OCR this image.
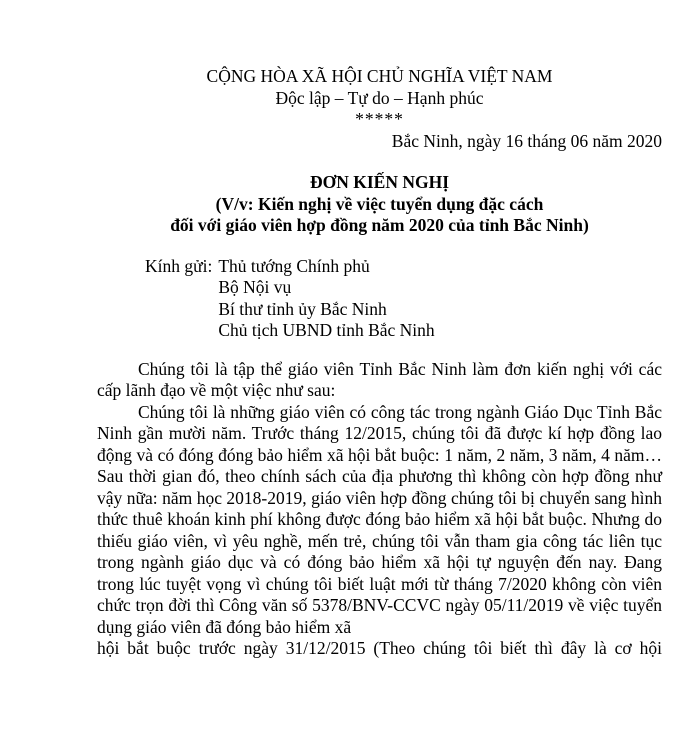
CỘNG HÒA XÃ HỘI CHỦ NGHĨA VIỆT NAM
Độc lập – Tự do – Hạnh phúc
*****
Bắc Ninh, ngày 16 tháng 06 năm 2020
ĐƠN KIẾN NGHỊ
(V/v: Kiến nghị về việc tuyển dụng đặc cách
đối với giáo viên hợp đồng năm 2020 của tỉnh Bắc Ninh)
Kính gửi: Thủ tướng Chính phủ
Bộ Nội vụ
Bí thư tỉnh ủy Bắc Ninh
Chủ tịch UBND tỉnh Bắc Ninh

Chúng tôi là tập thể giáo viên Tỉnh Bắc Ninh làm đơn kiến nghị với các cấp lãnh đạo về một việc như sau:

Chúng tôi là những giáo viên có công tác trong ngành Giáo Dục Tỉnh Bắc Ninh gần mười năm. Trước tháng 12/2015, chúng tôi đã được kí hợp đồng lao động và có đóng đóng bảo hiểm xã hội bắt buộc: 1 năm, 2 năm, 3 năm, 4 năm… Sau thời gian đó, theo chính sách của địa phương thì không còn hợp đồng như vậy nữa: năm học 2018-2019, giáo viên hợp đồng chúng tôi bị chuyển sang hình thức thuê khoán kinh phí không được đóng bảo hiểm xã hội bắt buộc. Nhưng do thiếu giáo viên, vì yêu nghề, mến trẻ, chúng tôi vẫn tham gia công tác liên tục trong ngành giáo dục và có đóng bảo hiểm xã hội tự nguyện đến nay. Đang trong lúc tuyệt vọng vì chúng tôi biết luật mới từ tháng 7/2020 không còn viên chức trọn đời thì Công văn số 5378/BNV-CCVC ngày 05/11/2019 về việc tuyển dụng giáo viên đã đóng bảo hiểm xã

hội bắt buộc trước ngày 31/12/2015 (Theo chúng tôi biết thì đây là cơ hội
